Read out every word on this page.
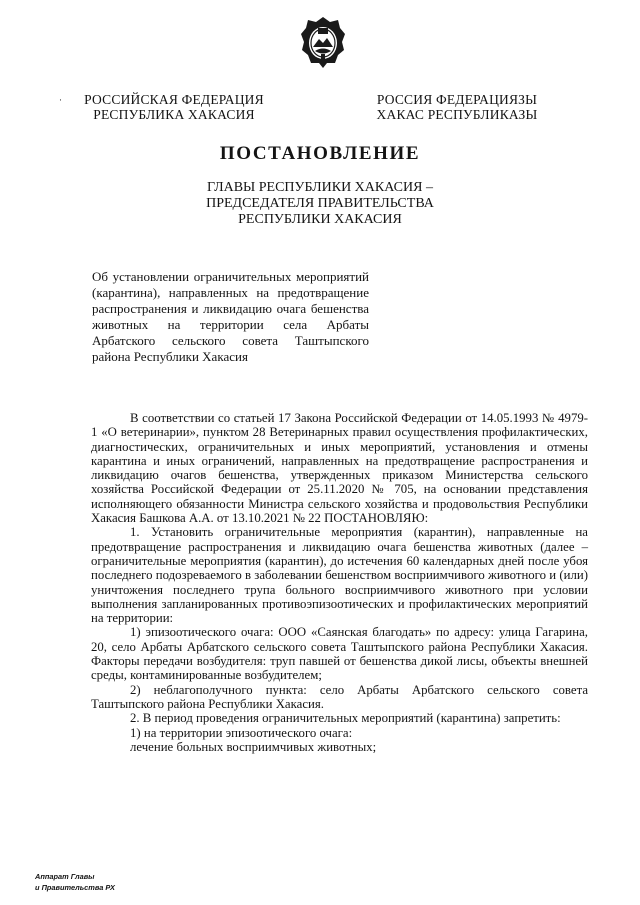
·	РОССИЙСКАЯ ФЕДЕРАЦИЯ
РЕСПУБЛИКА ХАКАСИЯ
РОССИЯ ФЕДЕРАЦИЯЗЫ
ХАКАС РЕСПУБЛИКАЗЫ
ПОСТАНОВЛЕНИЕ
ГЛАВЫ РЕСПУБЛИКИ ХАКАСИЯ –
ПРЕДСЕДАТЕЛЯ ПРАВИТЕЛЬСТВА
РЕСПУБЛИКИ ХАКАСИЯ
Об установлении ограничительных мероприятий (карантина), направленных на предотвращение распространения и ликвидацию очага бешенства животных на территории села Арбаты Арбатского сельского совета Таштыпского района Республики Хакасия

В соответствии со статьей 17 Закона Российской Федерации от 14.05.1993 № 4979-1 «О ветеринарии», пунктом 28 Ветеринарных правил осуществления профилактических, диагностических, ограничительных и иных мероприятий, установления и отмены карантина и иных ограничений, направленных на предотвращение распространения и ликвидацию очагов бешенства, утвержденных приказом Министерства сельского хозяйства Российской Федерации от 25.11.2020 № 705, на основании представления исполняющего обязанности Министра сельского хозяйства и продовольствия Республики Хакасия Башкова А.А. от 13.10.2021 № 22 ПОСТАНОВЛЯЮ:

1. Установить ограничительные мероприятия (карантин), направленные на предотвращение распространения и ликвидацию очага бешенства животных (далее – ограничительные мероприятия (карантин), до истечения 60 календарных дней после убоя последнего подозреваемого в заболевании бешенством восприимчивого животного и (или) уничтожения последнего трупа больного восприимчивого животного при условии выполнения запланированных противоэпизоотических и профилактических мероприятий на территории:

1) эпизоотического очага: ООО «Саянская благодать» по адресу: улица Гагарина, 20, село Арбаты Арбатского сельского совета Таштыпского района Республики Хакасия. Факторы передачи возбудителя: труп павшей от бешенства дикой лисы, объекты внешней среды, контаминированные возбудителем;

2) неблагополучного пункта: село Арбаты Арбатского сельского совета Таштыпского района Республики Хакасия.

2. В период проведения ограничительных мероприятий (карантина) запретить:

1) на территории эпизоотического очага:

лечение больных восприимчивых животных;

Аппарат Главы
и Правительства РХ
